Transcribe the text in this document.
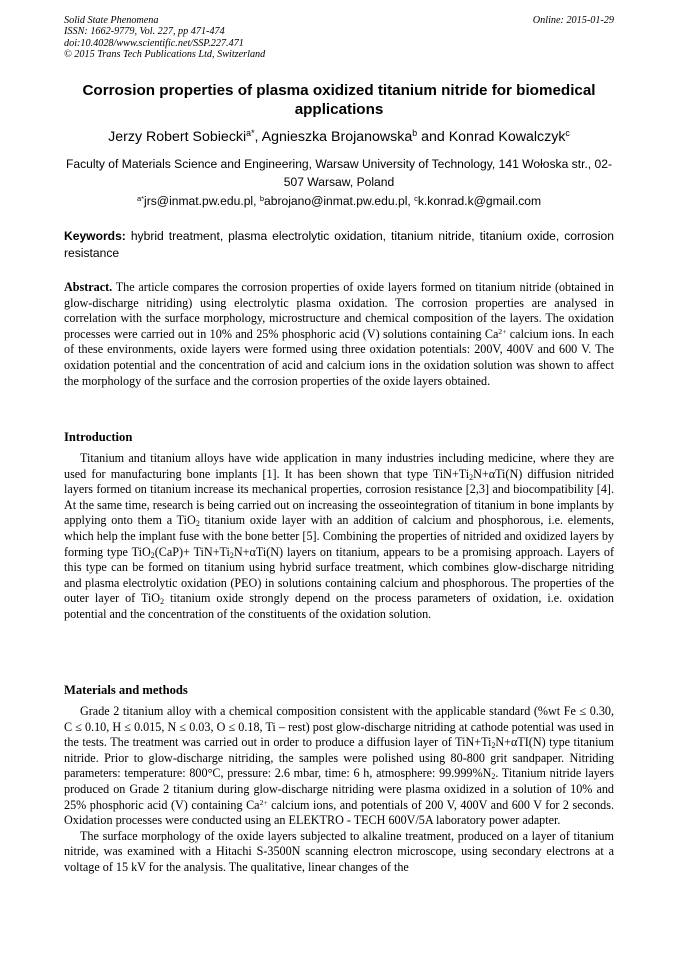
Solid State Phenomena
ISSN: 1662-9779, Vol. 227, pp 471-474
doi:10.4028/www.scientific.net/SSP.227.471
© 2015 Trans Tech Publications Ltd, Switzerland
Online: 2015-01-29
Corrosion properties of plasma oxidized titanium nitride for biomedical applications
Jerzy Robert Sobiecki$^{a*}$, Agnieszka Brojanowska$^b$ and Konrad Kowalczyk$^c$
Faculty of Materials Science and Engineering, Warsaw University of Technology, 141 Wołoska str., 02-507 Warsaw, Poland
$^{a*}$jrs@inmat.pw.edu.pl, $^b$abrojano@inmat.pw.edu.pl, $^c$k.konrad.k@gmail.com
Keywords: hybrid treatment, plasma electrolytic oxidation, titanium nitride, titanium oxide, corrosion resistance

Abstract. The article compares the corrosion properties of oxide layers formed on titanium nitride (obtained in glow-discharge nitriding) using electrolytic plasma oxidation. The corrosion properties are analysed in correlation with the surface morphology, microstructure and chemical composition of the layers. The oxidation processes were carried out in 10% and 25% phosphoric acid (V) solutions containing $Ca^{2+}$ calcium ions. In each of these environments, oxide layers were formed using three oxidation potentials: 200V, 400V and 600 V. The oxidation potential and the concentration of acid and calcium ions in the oxidation solution was shown to affect the morphology of the surface and the corrosion properties of the oxide layers obtained.

Introduction

Titanium and titanium alloys have wide application in many industries including medicine, where they are used for manufacturing bone implants [1]. It has been shown that type $TiN+Ti_2N+\alpha Ti(N)$ diffusion nitrided layers formed on titanium increase its mechanical properties, corrosion resistance [2,3] and biocompatibility [4]. At the same time, research is being carried out on increasing the osseointegration of titanium in bone implants by applying onto them a TiO$_2$ titanium oxide layer with an addition of calcium and phosphorous, i.e. elements, which help the implant fuse with the bone better [5]. Combining the properties of nitrided and oxidized layers by forming type $TiO_2(CaP)+ TiN+Ti_2N+\alpha Ti(N)$ layers on titanium, appears to be a promising approach. Layers of this type can be formed on titanium using hybrid surface treatment, which combines glow-discharge nitriding and plasma electrolytic oxidation (PEO) in solutions containing calcium and phosphorous. The properties of the outer layer of TiO$_2$ titanium oxide strongly depend on the process parameters of oxidation, i.e. oxidation potential and the concentration of the constituents of the oxidation solution.

Materials and methods

Grade 2 titanium alloy with a chemical composition consistent with the applicable standard (%wt Fe ≤ 0.30, C ≤ 0.10, H ≤ 0.015, N ≤ 0.03, O ≤ 0.18, Ti – rest) post glow-discharge nitriding at cathode potential was used in the tests. The treatment was carried out in order to produce a diffusion layer of $TiN+Ti_2N+\alpha TI(N)$ type titanium nitride. Prior to glow-discharge nitriding, the samples were polished using 80-800 grit sandpaper. Nitriding parameters: temperature: 800°C, pressure: 2.6 mbar, time: 6 h, atmosphere: $99.999\%N_2$. Titanium nitride layers produced on Grade 2 titanium during glow-discharge nitriding were plasma oxidized in a solution of 10% and 25% phosphoric acid (V) containing $Ca^{2+}$ calcium ions, and potentials of 200 V, 400V and 600 V for 2 seconds. Oxidation processes were conducted using an ELEKTRO - TECH 600V/5A laboratory power adapter.

The surface morphology of the oxide layers subjected to alkaline treatment, produced on a layer of titanium nitride, was examined with a Hitachi S-3500N scanning electron microscope, using secondary electrons at a voltage of 15 kV for the analysis. The qualitative, linear changes of the
